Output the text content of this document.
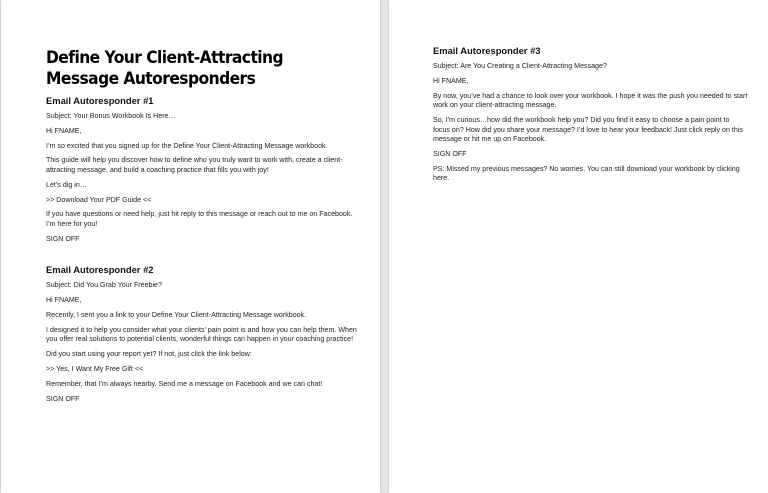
Define Your Client-Attracting Message Autoresponders
Email Autoresponder #1
Subject: Your Bonus Workbook Is Here…
Hi FNAME,
I’m so excited that you signed up for the Define Your Client-Attracting Message workbook.
This guide will help you discover how to define who you truly want to work with, create a client-attracting message, and build a coaching practice that fills you with joy!
Let’s dig in…
>> Download Your PDF Guide <<
If you have questions or need help, just hit reply to this message or reach out to me on Facebook. I’m here for you!
SIGN OFF
Email Autoresponder #2
Subject: Did You Grab Your Freebie?
Hi FNAME,
Recently, I sent you a link to your Define Your Client-Attracting Message workbook.
I designed it to help you consider what your clients’ pain point is and how you can help them. When you offer real solutions to potential clients, wonderful things can happen in your coaching practice!
Did you start using your report yet? If not, just click the link below:
>> Yes, I Want My Free Gift <<
Remember, that I’m always nearby. Send me a message on Facebook and we can chat!
SIGN OFF
Email Autoresponder #3
Subject: Are You Creating a Client-Attracting Message?
Hi FNAME,
By now, you’ve had a chance to look over your workbook. I hope it was the push you needed to start work on your client-attracting message.
So, I’m curious…how did the workbook help you? Did you find it easy to choose a pain point to focus on? How did you share your message? I’d love to hear your feedback! Just click reply on this message or hit me up on Facebook.
SIGN OFF
PS: Missed my previous messages? No worries. You can still download your workbook by clicking here.
